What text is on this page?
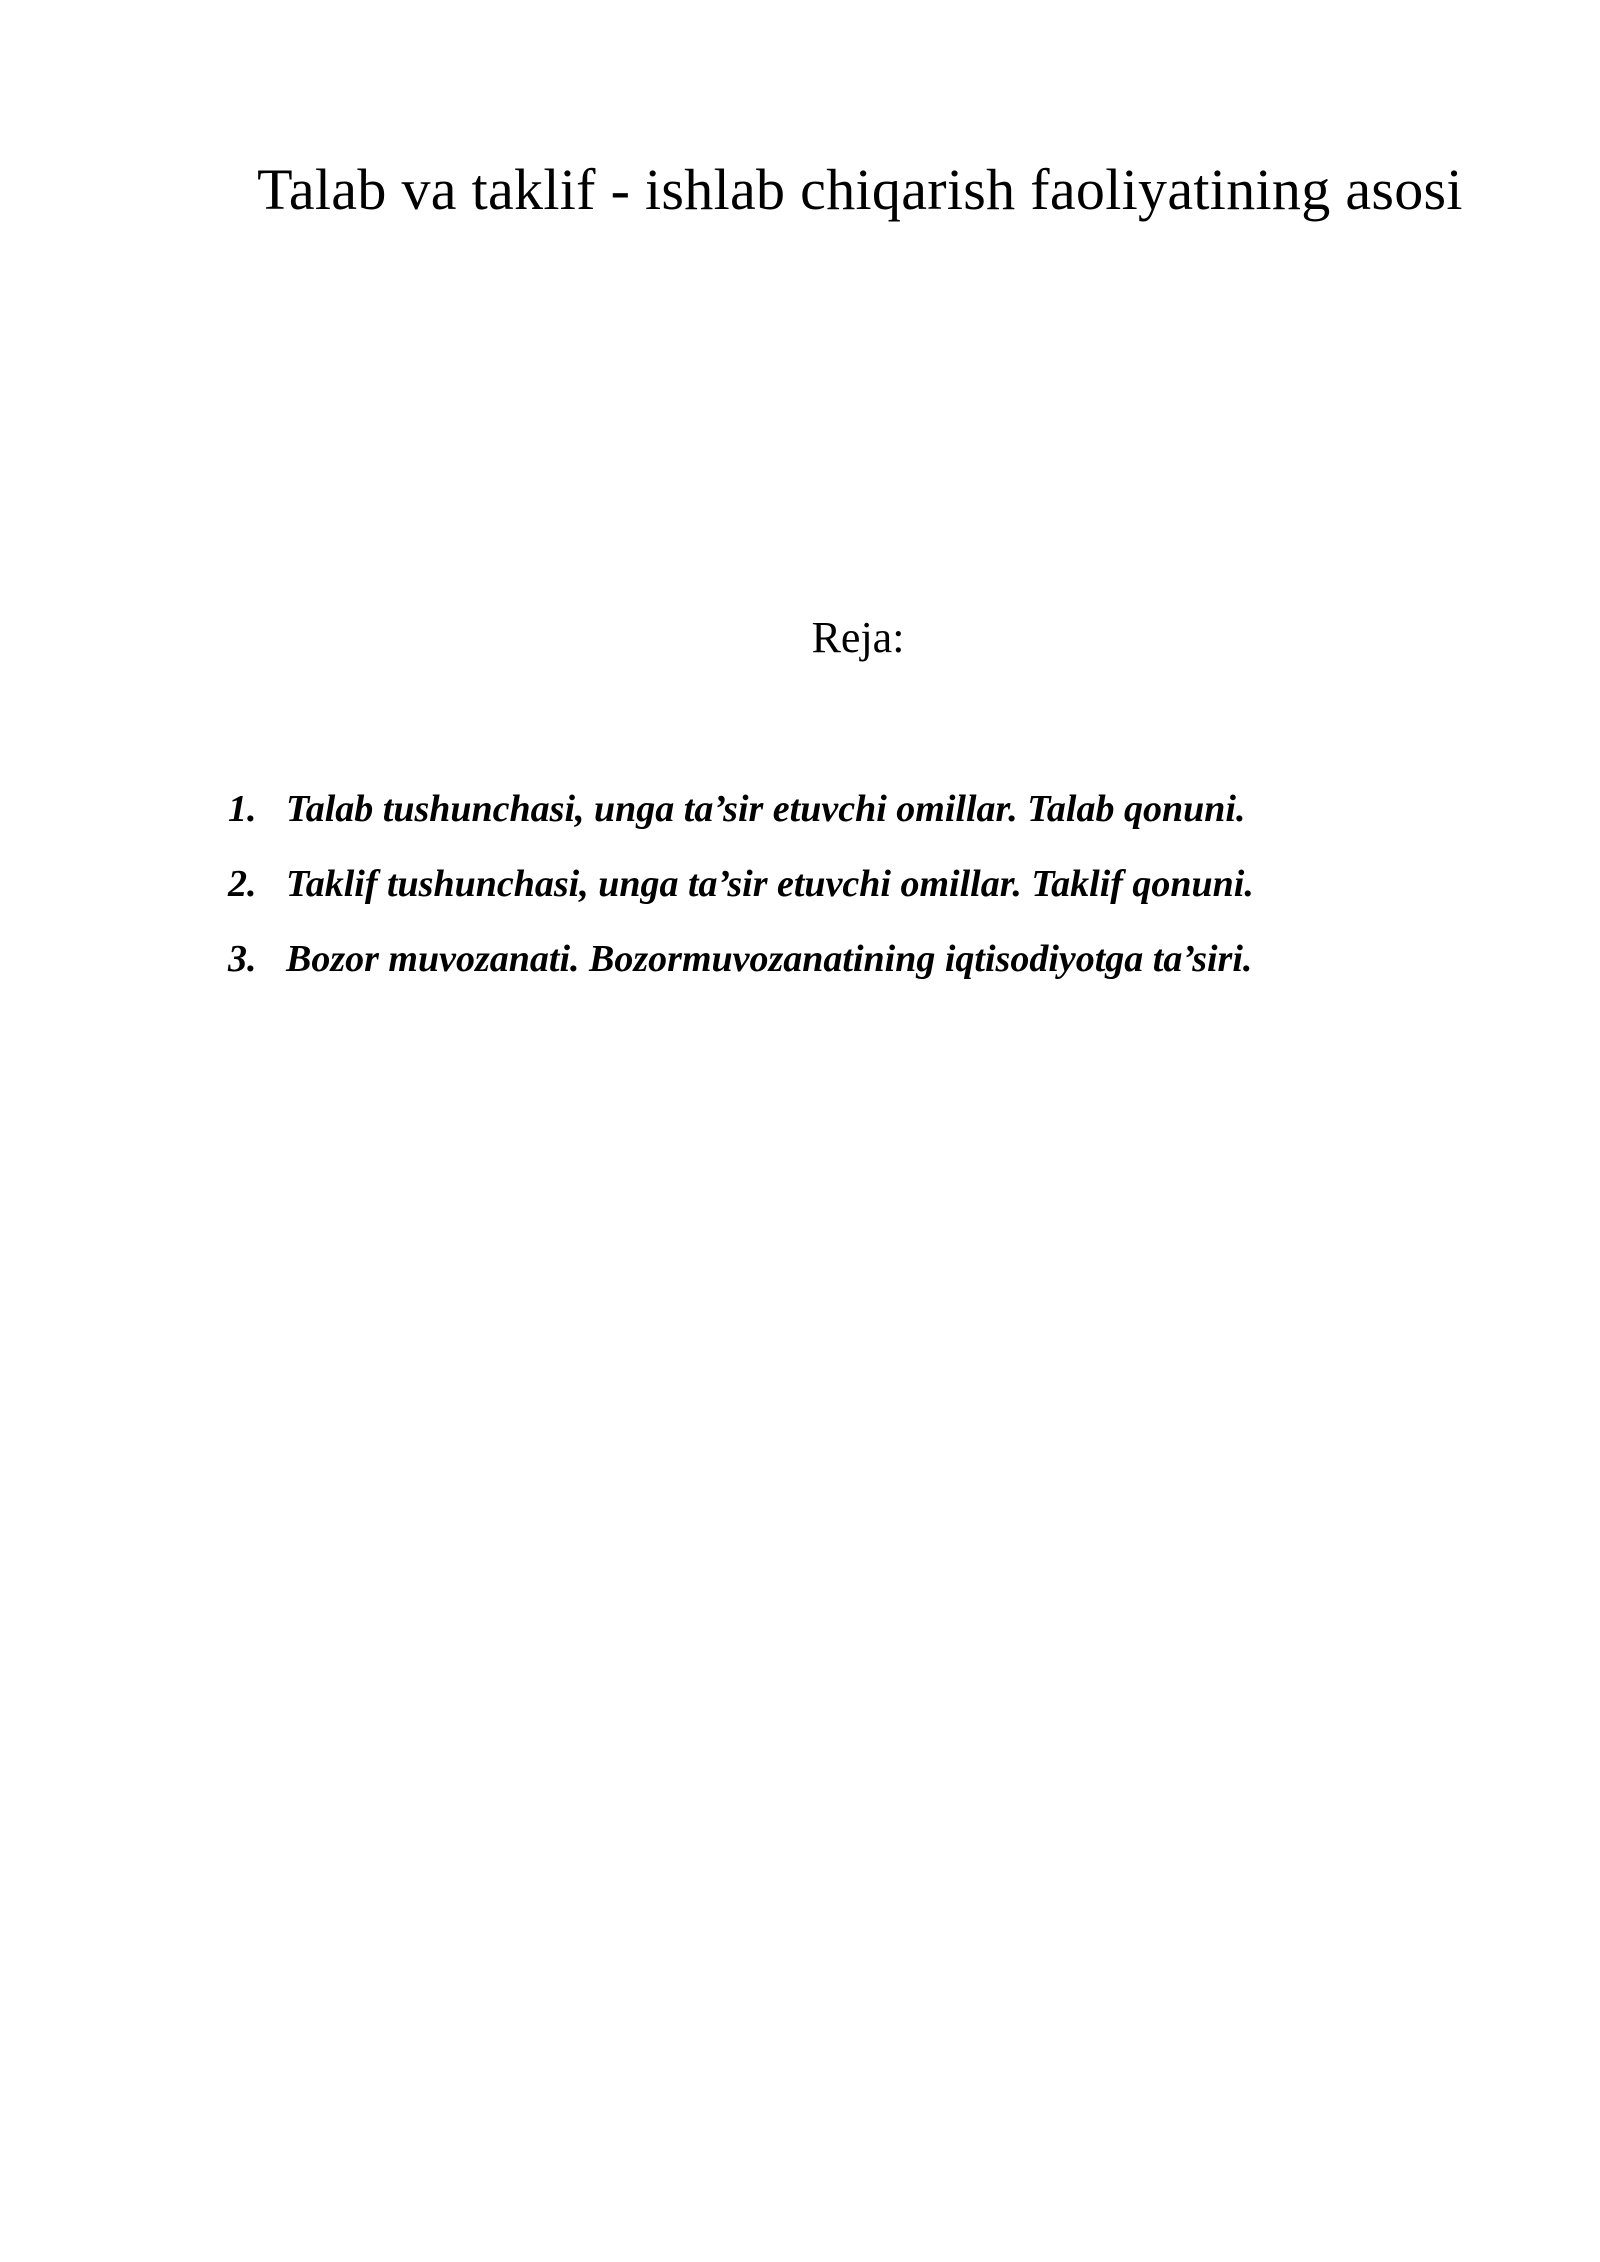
Talab va taklif - ishlab chiqarish faoliyatining asosi
Reja:
1. Talab tushunchasi, unga ta’sir etuvchi omillar. Talab qonuni.
2. Taklif tushunchasi, unga ta’sir etuvchi omillar. Taklif qonuni.
3. Bozor muvozanati. Bozormuvozanatining iqtisodiyotga ta’siri.
